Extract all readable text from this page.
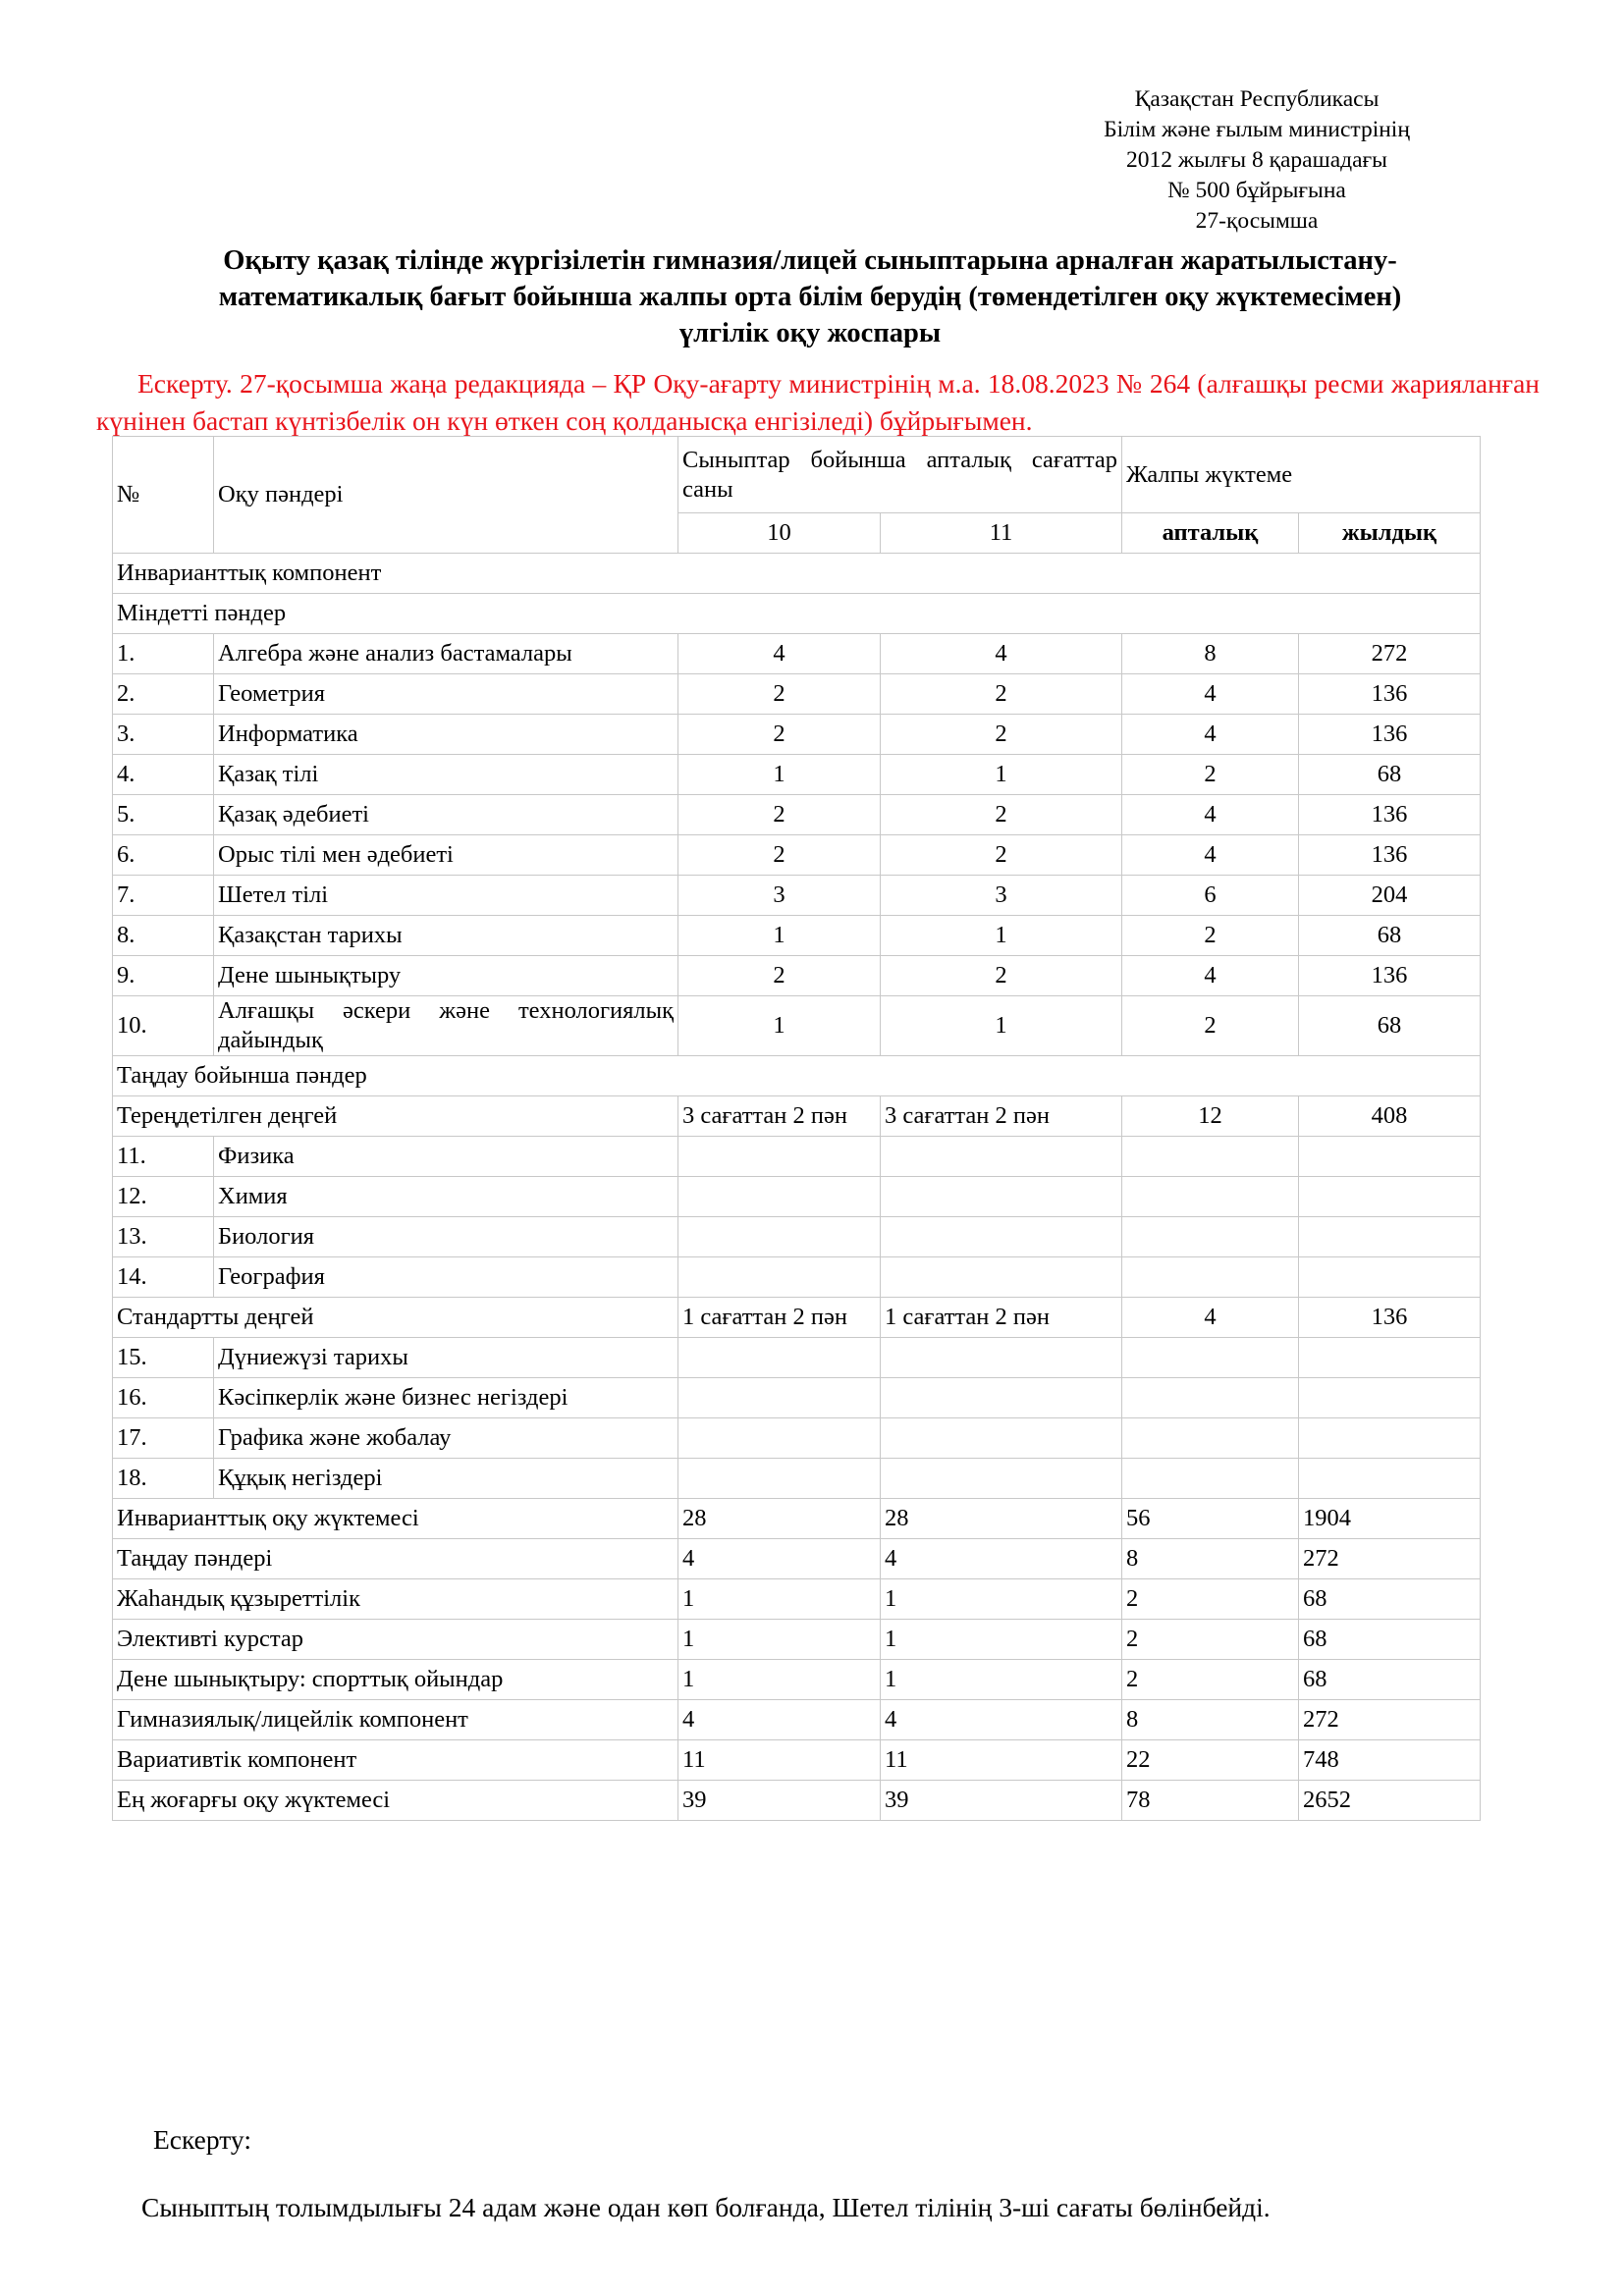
Қазақстан Республикасы
Білім және ғылым министрінің
2012 жылғы 8 қарашадағы
№ 500 бұйрығына
27-қосымша
Оқыту қазақ тілінде жүргізілетін гимназия/лицей сыныптарына арналған жаратылыстану-
математикалық бағыт бойынша жалпы орта білім берудің (төмендетілген оқу жүктемесімен)
үлгілік оқу жоспары
Ескерту. 27-қосымша жаңа редакцияда – ҚР Оқу-ағарту министрінің м.а. 18.08.2023 № 264 (алғашқы ресми жарияланған күнінен бастап күнтізбелік он күн өткен соң қолданысқа енгізіледі) бұйрығымен.
№	Оқу пәндері	Сыныптар бойынша апталық сағаттар саны		Жалпы жүктеме	
		10	11	апталық	жылдық
Инварианттық компонент					
Міндетті пәндер					
1.	Алгебра және анализ бастамалары	4	4	8	272
2.	Геометрия	2	2	4	136
3.	Информатика	2	2	4	136
4.	Қазақ тілі	1	1	2	68
5.	Қазақ әдебиеті	2	2	4	136
6.	Орыс тілі мен әдебиеті	2	2	4	136
7.	Шетел тілі	3	3	6	204
8.	Қазақстан тарихы	1	1	2	68
9.	Дене шынықтыру	2	2	4	136
10.	Алғашқы әскери және технологиялық дайындық	1	1	2	68
Таңдау бойынша пәндер					
Тереңдетілген деңгей		3 сағаттан 2 пән	3 сағаттан 2 пән	12	408
11.	Физика				
12.	Химия				
13.	Биология				
14.	География				
Стандартты деңгей		1 сағаттан 2 пән	1 сағаттан 2 пән	4	136
15.	Дүниежүзі тарихы				
16.	Кәсіпкерлік және бизнес негіздері				
17.	Графика және жобалау				
18.	Құқық негіздері				
Инварианттық оқу жүктемесі		28	28	56	1904
Таңдау пәндері		4	4	8	272
Жаһандық құзыреттілік		1	1	2	68
Элективті курстар		1	1	2	68
Дене шынықтыру: спорттық ойындар		1	1	2	68
Гимназиялық/лицейлік компонент		4	4	8	272
Вариативтік компонент		11	11	22	748
Ең жоғарғы оқу жүктемесі		39	39	78	2652
Ескерту:
Сыныптың толымдылығы 24 адам және одан көп болғанда, Шетел тілінің 3-ші сағаты бөлінбейді.
